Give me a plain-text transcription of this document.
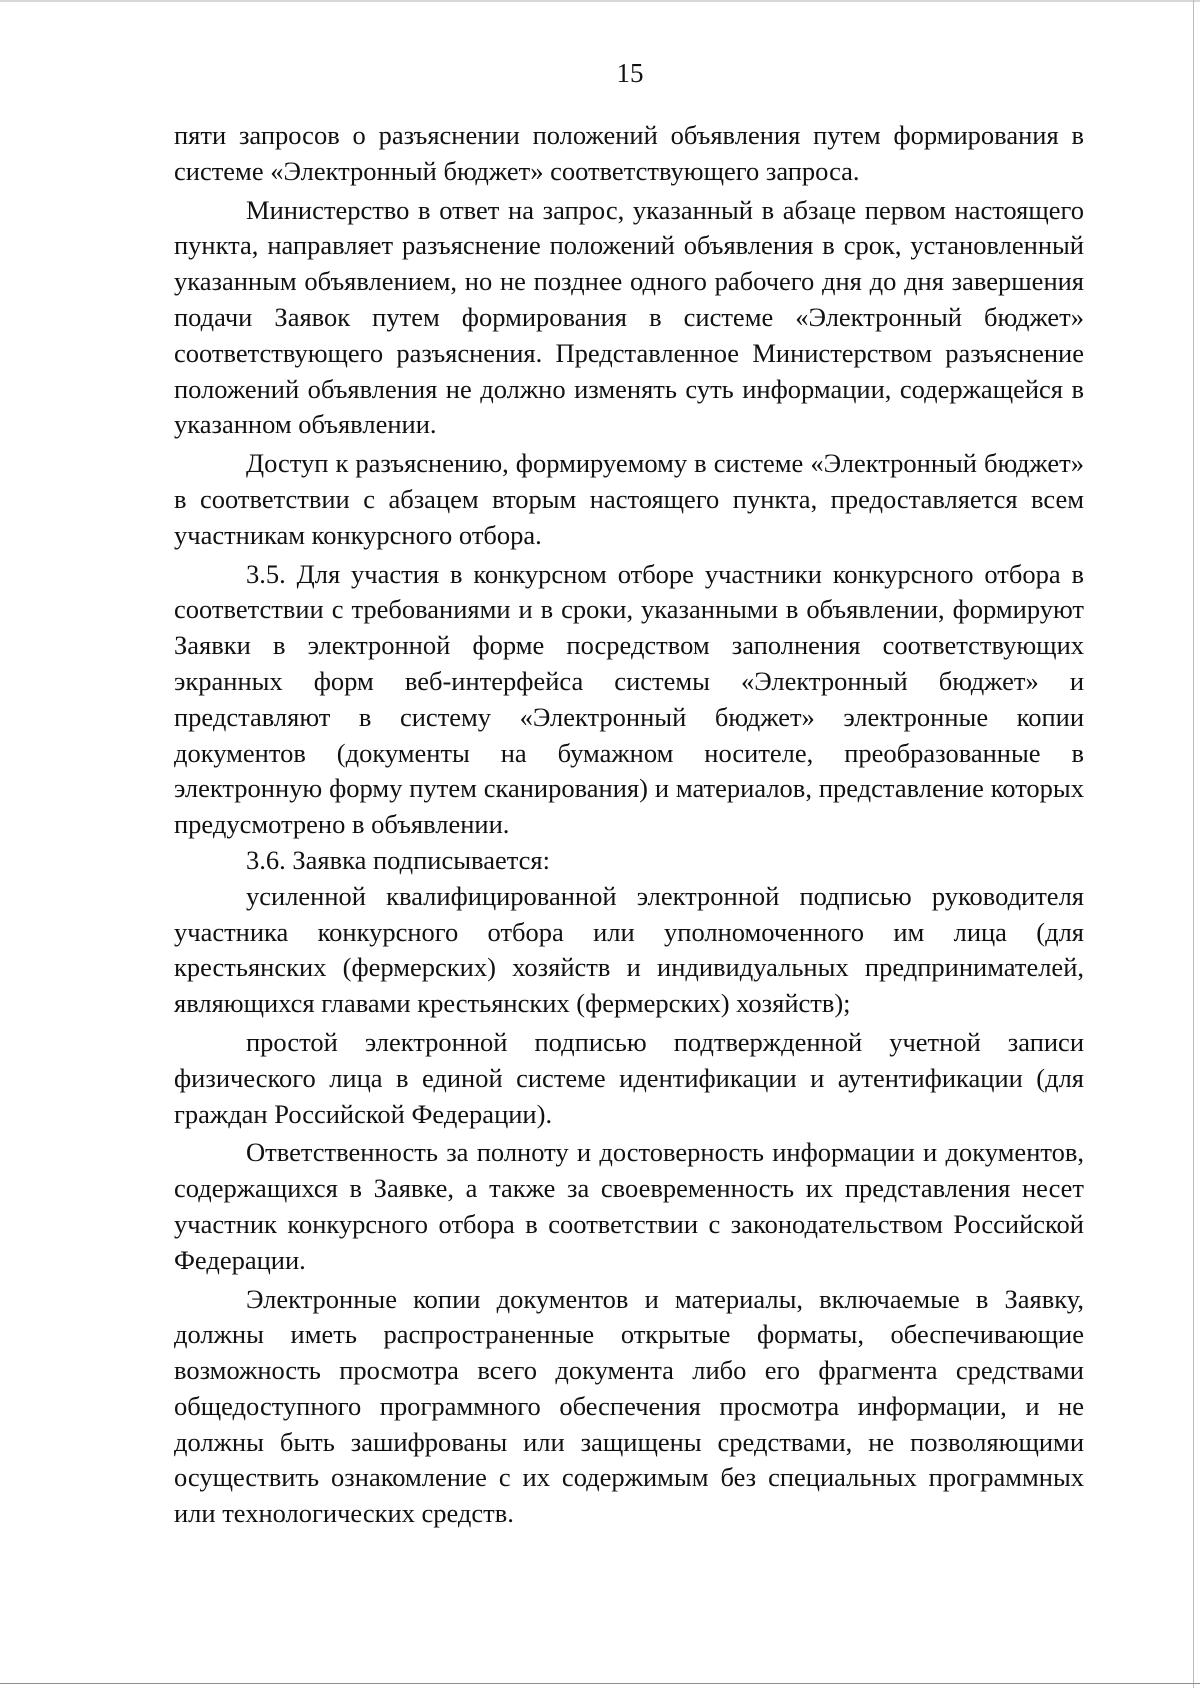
15

пяти запросов о разъяснении положений объявления путем формирования в системе «Электронный бюджет» соответствующего запроса.

Министерство в ответ на запрос, указанный в абзаце первом настоящего пункта, направляет разъяснение положений объявления в срок, установленный указанным объявлением, но не позднее одного рабочего дня до дня завершения подачи Заявок путем формирования в системе «Электронный бюджет» соответствующего разъяснения. Представленное Министерством разъяснение положений объявления не должно изменять суть информации, содержащейся в указанном объявлении.

Доступ к разъяснению, формируемому в системе «Электронный бюджет» в соответствии с абзацем вторым настоящего пункта, предоставляется всем участникам конкурсного отбора.

3.5. Для участия в конкурсном отборе участники конкурсного отбора в соответствии с требованиями и в сроки, указанными в объявлении, формируют Заявки в электронной форме посредством заполнения соответствующих экранных форм веб-интерфейса системы «Электронный бюджет» и представляют в систему «Электронный бюджет» электронные копии документов (документы на бумажном носителе, преобразованные в электронную форму путем сканирования) и материалов, представление которых предусмотрено в объявлении.

3.6. Заявка подписывается:

усиленной квалифицированной электронной подписью руководителя участника конкурсного отбора или уполномоченного им лица (для крестьянских (фермерских) хозяйств и индивидуальных предпринимателей, являющихся главами крестьянских (фермерских) хозяйств);

простой электронной подписью подтвержденной учетной записи физического лица в единой системе идентификации и аутентификации (для граждан Российской Федерации).

Ответственность за полноту и достоверность информации и документов, содержащихся в Заявке, а также за своевременность их представления несет участник конкурсного отбора в соответствии с законодательством Российской Федерации.

Электронные копии документов и материалы, включаемые в Заявку, должны иметь распространенные открытые форматы, обеспечивающие возможность просмотра всего документа либо его фрагмента средствами общедоступного программного обеспечения просмотра информации, и не должны быть зашифрованы или защищены средствами, не позволяющими осуществить ознакомление с их содержимым без специальных программных или технологических средств.
